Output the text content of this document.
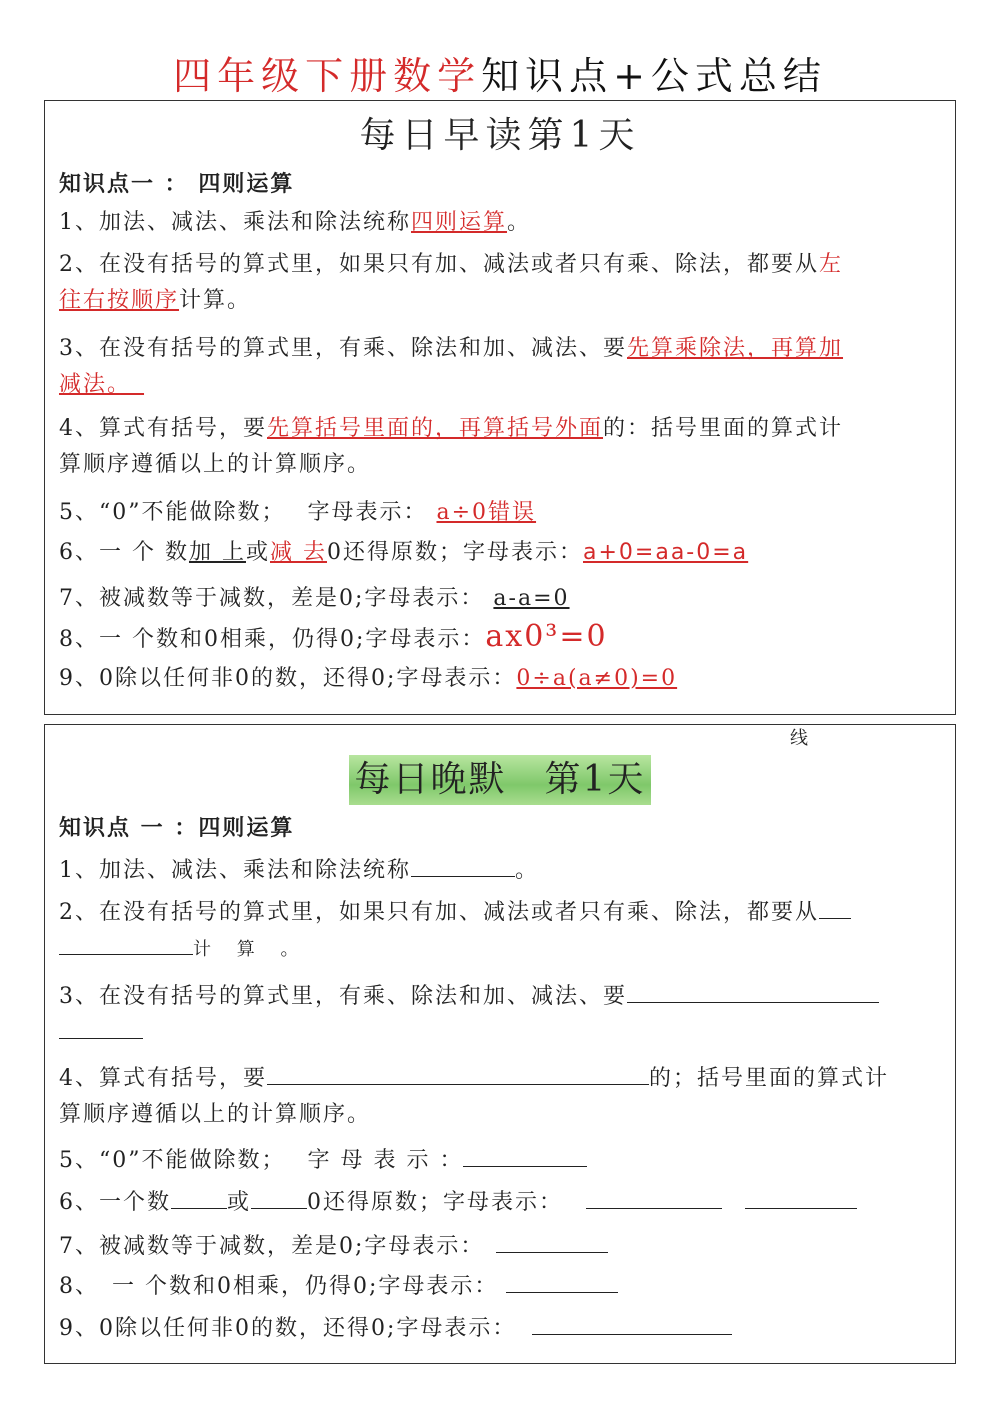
四年级下册数学知识点+公式总结
每日早读第1天
知识点一 ： 四则运算
1、加法、减法、乘法和除法统称四则运算。
2、在没有括号的算式里，如果只有加、减法或者只有乘、除法，都要从左
往右按顺序计算。
3、在没有括号的算式里，有乘、除法和加、减法、要先算乘除法，再算加
减法。　
4、算式有括号，要先算括号里面的，再算括号外面的：括号里面的算式计
算顺序遵循以上的计算顺序。
5、“0”不能做除数；　 字母表示： a÷0错误
6、一 个 数加 上或减 去0还得原数；字母表示：a+0=aa-0=a
7、被减数等于减数，差是0;字母表示： a-a=0
8、一 个数和0相乘，仍得0;字母表示：ax0³=0
9、0除以任何非0的数，还得0;字母表示：0÷a(a≠0)=0
线
每日晚默　第1天
知识点 一 ：四则运算
1、加法、减法、乘法和除法统称	。
2、在没有括号的算式里，如果只有加、减法或者只有乘、除法，都要从
计 算 。
3、在没有括号的算式里，有乘、除法和加、减法、要

4、算式有括号，要	的；括号里面的算式计
算顺序遵循以上的计算顺序。
5、“0”不能做除数；　 字 母 表 示 ：
6、一个数	或	0还得原数；字母表示：
7、被减数等于减数，差是0;字母表示：
8、　一 个数和0相乘，仍得0;字母表示：
9、0除以任何非0的数，还得0;字母表示：
